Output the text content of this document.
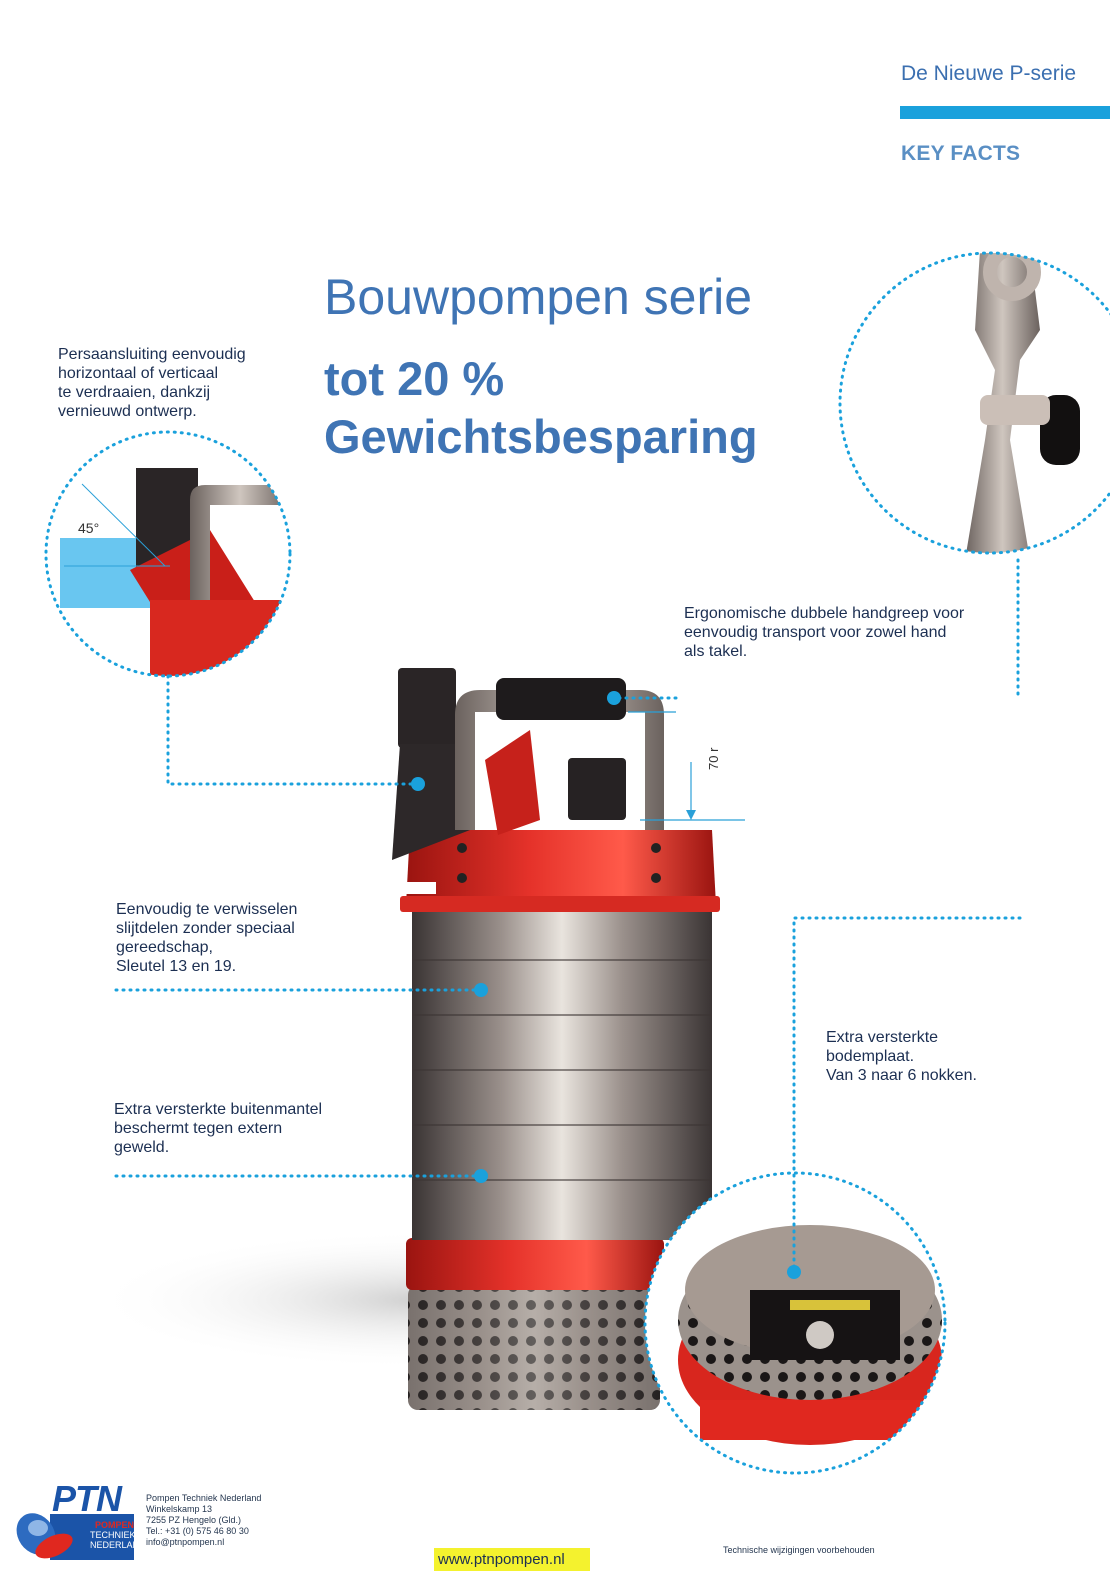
De Nieuwe P-serie
KEY FACTS
Bouwpompen serie
tot 20 %
Gewichtsbesparing
45°
70 r
Persaansluiting eenvoudig
horizontaal of verticaal
te verdraaien, dankzij
vernieuwd ontwerp.
Ergonomische dubbele handgreep voor
eenvoudig transport voor zowel hand
als takel.
Eenvoudig te verwisselen
slijtdelen zonder speciaal
gereedschap,
Sleutel 13 en 19.
Extra versterkte buitenmantel
beschermt tegen extern
geweld.
Extra versterkte
bodemplaat.
Van 3 naar 6 nokken.
PTN
POMPEN
TECHNIEK
NEDERLAND
Pompen Techniek Nederland
Winkelskamp 13
7255 PZ Hengelo (Gld.)
Tel.: +31 (0) 575 46 80 30
info@ptnpompen.nl
Technische wijzigingen voorbehouden
www.ptnpompen.nl
